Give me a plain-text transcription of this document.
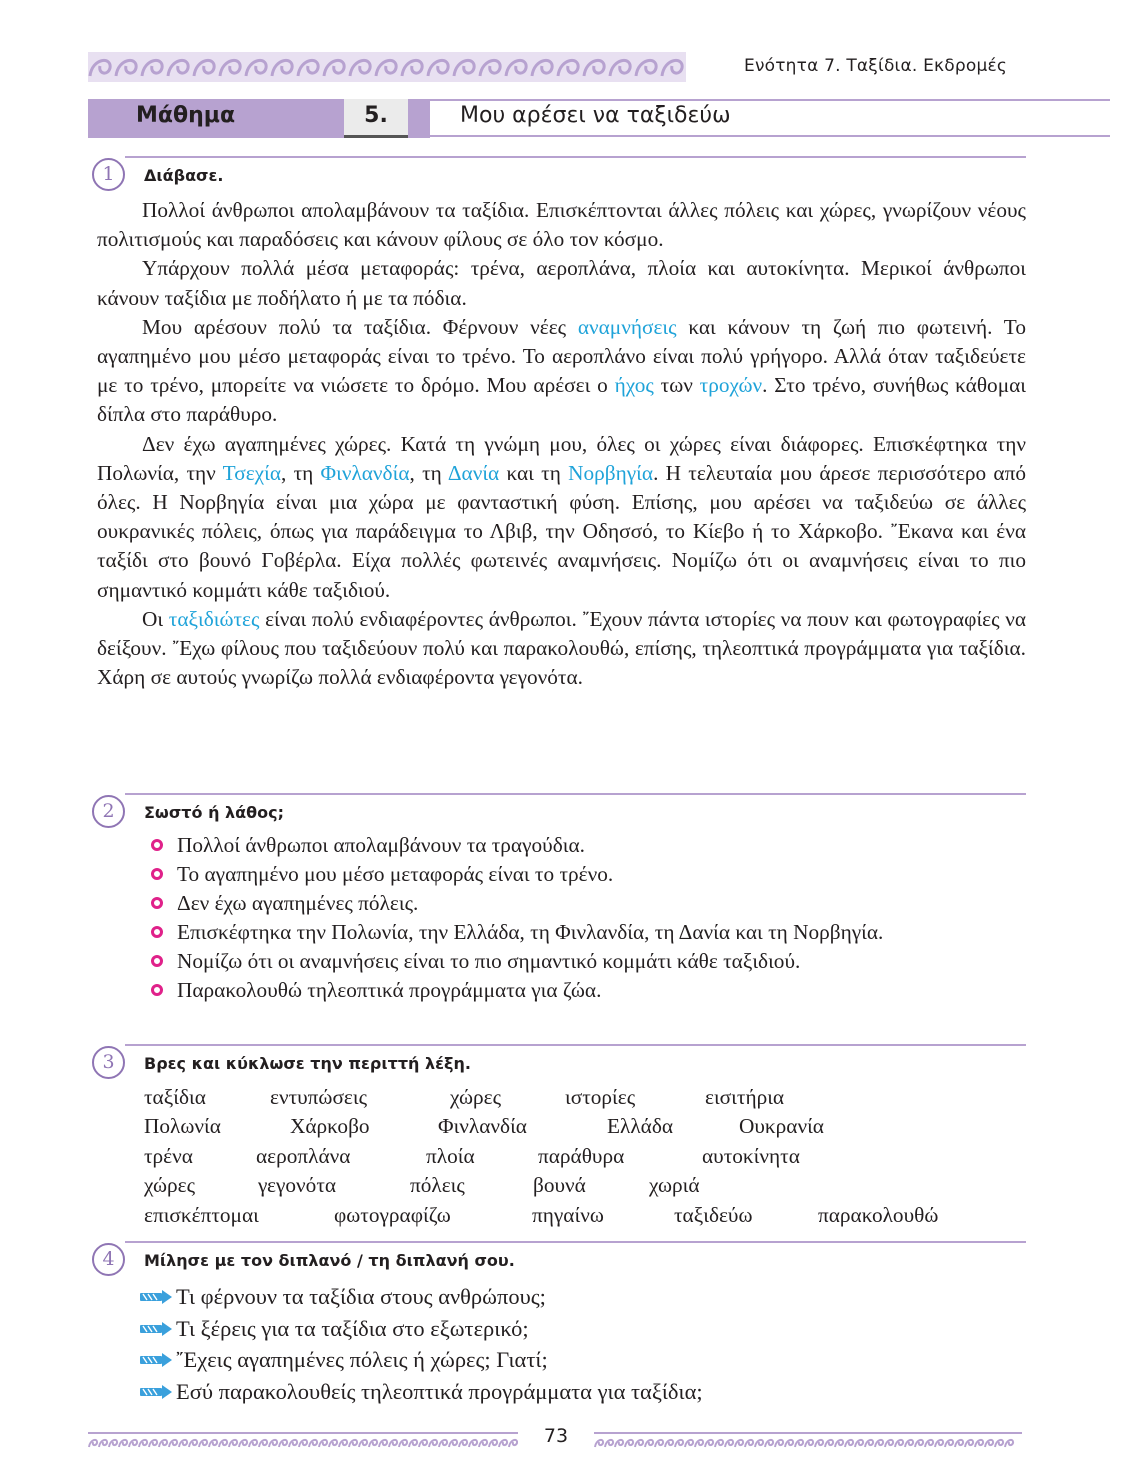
Ενότητα 7. Ταξίδια. Εκδρομές
Μάθημα	5.	Μου αρέσει να ταξιδεύω
1	Διάβασε.

Πολλοί άνθρωποι απολαμβάνουν τα ταξίδια. Επισκέπτονται άλλες πόλεις και χώρες, γνωρίζουν νέους πολιτισμούς και παραδόσεις και κάνουν φίλους σε όλο τον κόσμο.

Υπάρχουν πολλά μέσα μεταφοράς: τρένα, αεροπλάνα, πλοία και αυτοκίνητα. Μερικοί άνθρωποι κάνουν ταξίδια με ποδήλατο ή με τα πόδια.

Μου αρέσουν πολύ τα ταξίδια. Φέρνουν νέες αναμνήσεις και κάνουν τη ζωή πιο φωτεινή. Το αγαπημένο μου μέσο μεταφοράς είναι το τρένο. Το αεροπλάνο είναι πολύ γρήγορο. Αλλά όταν ταξιδεύετε με το τρένο, μπορείτε να νιώσετε το δρόμο. Μου αρέσει ο ήχος των τροχών. Στο τρένο, συνήθως κάθομαι δίπλα στο παράθυρο.

Δεν έχω αγαπημένες χώρες. Κατά τη γνώμη μου, όλες οι χώρες είναι διάφορες. Επισκέφτηκα την Πολωνία, την Τσεχία, τη Φινλανδία, τη Δανία και τη Νορβηγία. Η τελευταία μου άρεσε περισσότερο από όλες. Η Νορβηγία είναι μια χώρα με φανταστική φύση. Επίσης, μου αρέσει να ταξιδεύω σε άλλες ουκρανικές πόλεις, όπως για παράδειγμα το Λβιβ, την Οδησσό, το Κίεβο ή το Χάρκοβο. ῎Εκανα και ένα ταξίδι στο βουνό Γοβέρλα. Είχα πολλές φωτεινές αναμνήσεις. Νομίζω ότι οι αναμνήσεις είναι το πιο σημαντικό κομμάτι κάθε ταξιδιού.

Οι ταξιδιώτες είναι πολύ ενδιαφέροντες άνθρωποι. ῎Εχουν πάντα ιστορίες να πουν και φωτογραφίες να δείξουν. ῎Εχω φίλους που ταξιδεύουν πολύ και παρακολουθώ, επίσης, τηλεοπτικά προγράμματα για ταξίδια. Χάρη σε αυτούς γνωρίζω πολλά ενδιαφέροντα γεγονότα.

2	Σωστό ή λάθος;
Πολλοί άνθρωποι απολαμβάνουν τα τραγούδια.
Το αγαπημένο μου μέσο μεταφοράς είναι το τρένο.
Δεν έχω αγαπημένες πόλεις.
Επισκέφτηκα την Πολωνία, την Ελλάδα, τη Φινλανδία, τη Δανία και τη Νορβηγία.
Νομίζω ότι οι αναμνήσεις είναι το πιο σημαντικό κομμάτι κάθε ταξιδιού.
Παρακολουθώ τηλεοπτικά προγράμματα για ζώα.
3	Βρες και κύκλωσε την περιττή λέξη.
ταξίδια	εντυπώσεις	χώρες	ιστορίες	εισιτήρια
Πολωνία	Χάρκοβο	Φινλανδία	Ελλάδα	Ουκρανία
τρένα	αεροπλάνα	πλοία	παράθυρα	αυτοκίνητα
χώρες	γεγονότα	πόλεις	βουνά	χωριά
επισκέπτομαι	φωτογραφίζω	πηγαίνω	ταξιδεύω	παρακολουθώ
4	Μίλησε με τον διπλανό / τη διπλανή σου.
Τι φέρνουν τα ταξίδια στους ανθρώπους;
Τι ξέρεις για τα ταξίδια στο εξωτερικό;
῎Εχεις αγαπημένες πόλεις ή χώρες; Γιατί;
Εσύ παρακολουθείς τηλεοπτικά προγράμματα για ταξίδια;
73
